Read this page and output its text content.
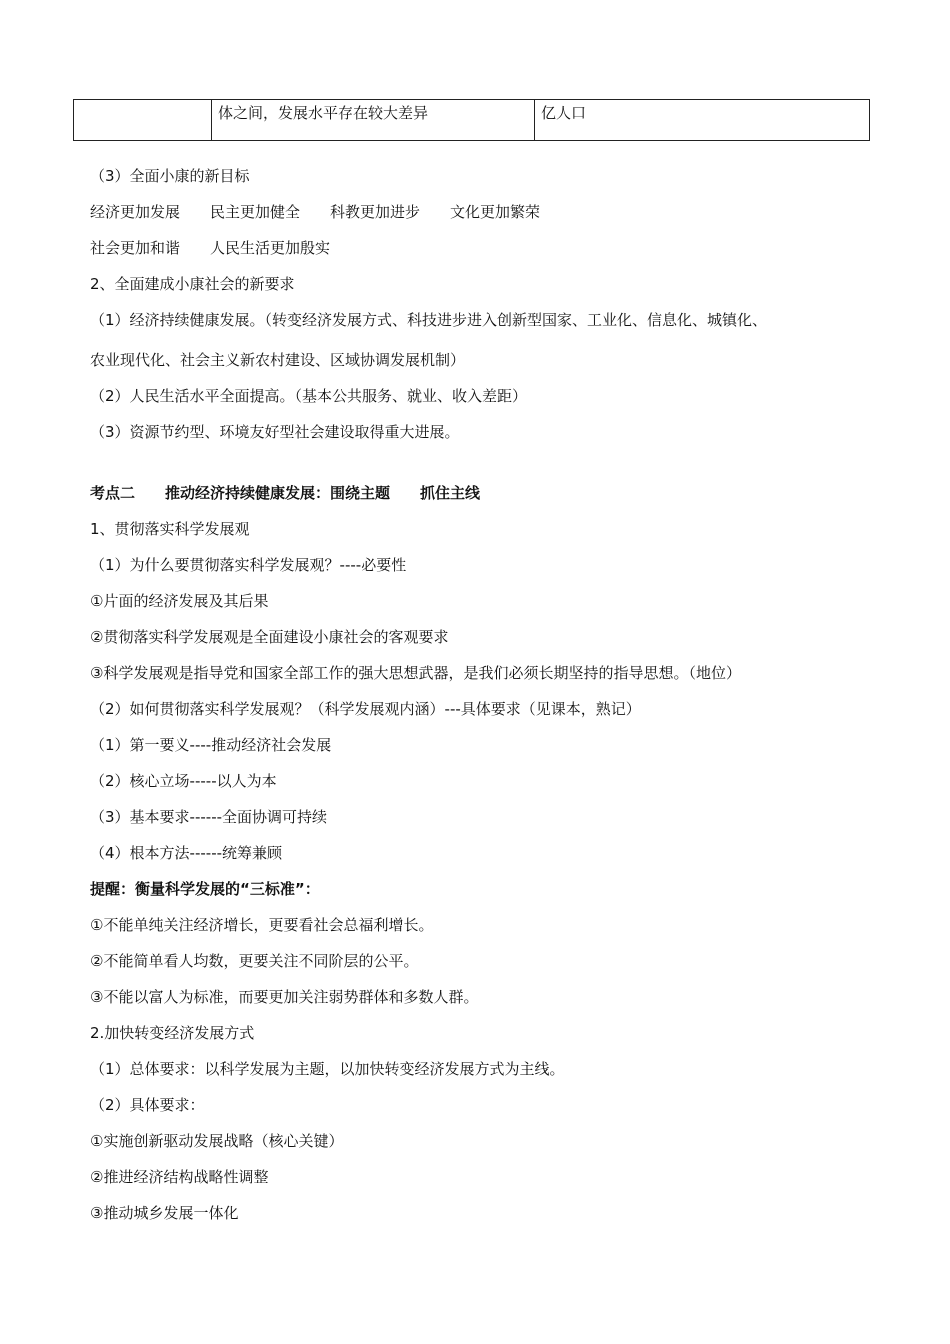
	体之间，发展水平存在较大差异	亿人口
（3）全面小康的新目标
经济更加发展　　民主更加健全　　科教更加进步　　文化更加繁荣
社会更加和谐　　人民生活更加殷实
2、全面建成小康社会的新要求
（1）经济持续健康发展。（转变经济发展方式、科技进步进入创新型国家、工业化、信息化、城镇化、
农业现代化、社会主义新农村建设、区域协调发展机制）
（2）人民生活水平全面提高。（基本公共服务、就业、收入差距）
（3）资源节约型、环境友好型社会建设取得重大进展。
考点二　　推动经济持续健康发展：围绕主题　　抓住主线
1、贯彻落实科学发展观
（1）为什么要贯彻落实科学发展观？----必要性
①片面的经济发展及其后果
②贯彻落实科学发展观是全面建设小康社会的客观要求
③科学发展观是指导党和国家全部工作的强大思想武器，是我们必须长期坚持的指导思想。（地位）
（2）如何贯彻落实科学发展观？（科学发展观内涵）---具体要求（见课本，熟记）
（1）第一要义----推动经济社会发展
（2）核心立场-----以人为本
（3）基本要求------全面协调可持续
（4）根本方法------统筹兼顾
提醒：衡量科学发展的“三标准”：
①不能单纯关注经济增长，更要看社会总福利增长。
②不能简单看人均数，更要关注不同阶层的公平。
③不能以富人为标准，而要更加关注弱势群体和多数人群。
2.加快转变经济发展方式
（1）总体要求：以科学发展为主题，以加快转变经济发展方式为主线。
（2）具体要求：
①实施创新驱动发展战略（核心关键）
②推进经济结构战略性调整
③推动城乡发展一体化
